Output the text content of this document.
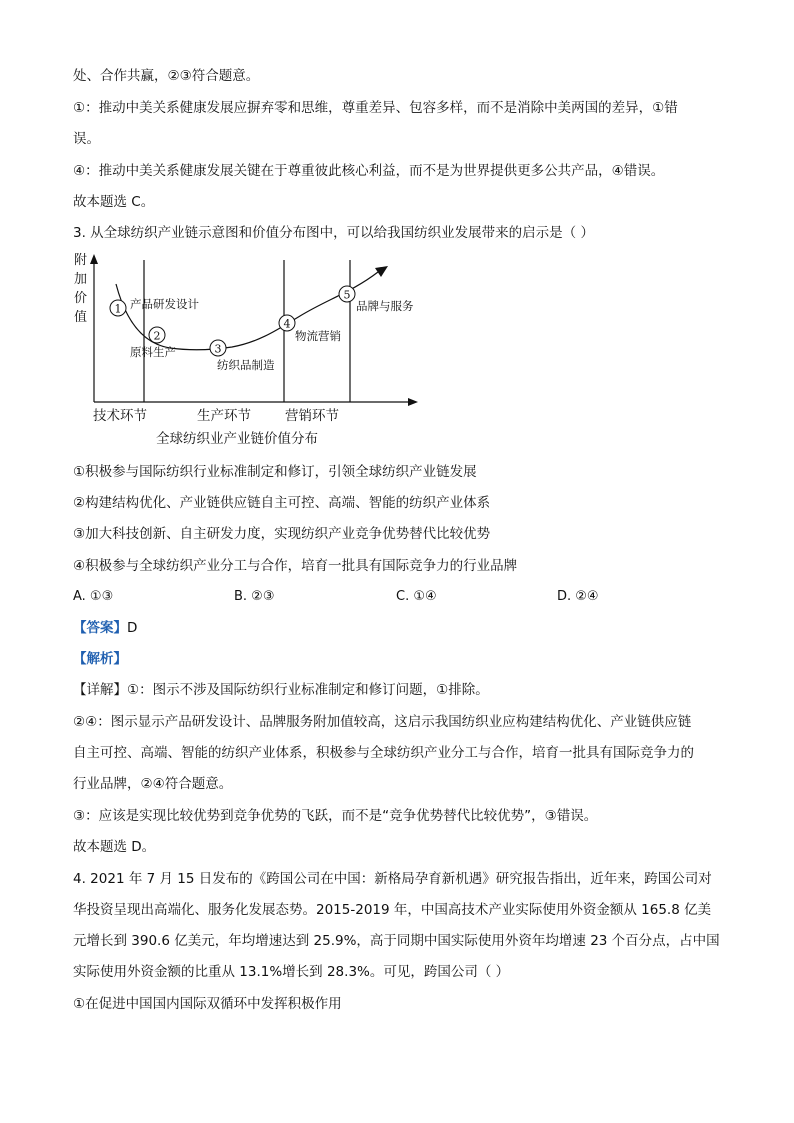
处、合作共赢，②③符合题意。
①：推动中美关系健康发展应摒弃零和思维，尊重差异、包容多样，而不是消除中美两国的差异，①错
误。
④：推动中美关系健康发展关键在于尊重彼此核心利益，而不是为世界提供更多公共产品，④错误。
故本题选 C。
3. 从全球纺织产业链示意图和价值分布图中，可以给我国纺织业发展带来的启示是（ ）
附
加
价
值
1 产品研发设计
2
原料生产	3
纺织品制造
4
物流营销
5
品牌与服务
技术环节	生产环节	营销环节
全球纺织业产业链价值分布
①积极参与国际纺织行业标准制定和修订，引领全球纺织产业链发展
②构建结构优化、产业链供应链自主可控、高端、智能的纺织产业体系
③加大科技创新、自主研发力度，实现纺织产业竞争优势替代比较优势
④积极参与全球纺织产业分工与合作，培育一批具有国际竞争力的行业品牌
A. ①③	B. ②③	C. ①④	D. ②④
【答案】D
【解析】
【详解】①：图示不涉及国际纺织行业标准制定和修订问题，①排除。
②④：图示显示产品研发设计、品牌服务附加值较高，这启示我国纺织业应构建结构优化、产业链供应链
自主可控、高端、智能的纺织产业体系，积极参与全球纺织产业分工与合作，培育一批具有国际竞争力的
行业品牌，②④符合题意。
③：应该是实现比较优势到竞争优势的飞跃，而不是“竞争优势替代比较优势”，③错误。
故本题选 D。
4. 2021 年 7 月 15 日发布的《跨国公司在中国：新格局孕育新机遇》研究报告指出，近年来，跨国公司对
华投资呈现出高端化、服务化发展态势。2015-2019 年，中国高技术产业实际使用外资金额从 165.8 亿美
元增长到 390.6 亿美元，年均增速达到 25.9%，高于同期中国实际使用外资年均增速 23 个百分点，占中国
实际使用外资金额的比重从 13.1%增长到 28.3%。可见，跨国公司（ ）
①在促进中国国内国际双循环中发挥积极作用
